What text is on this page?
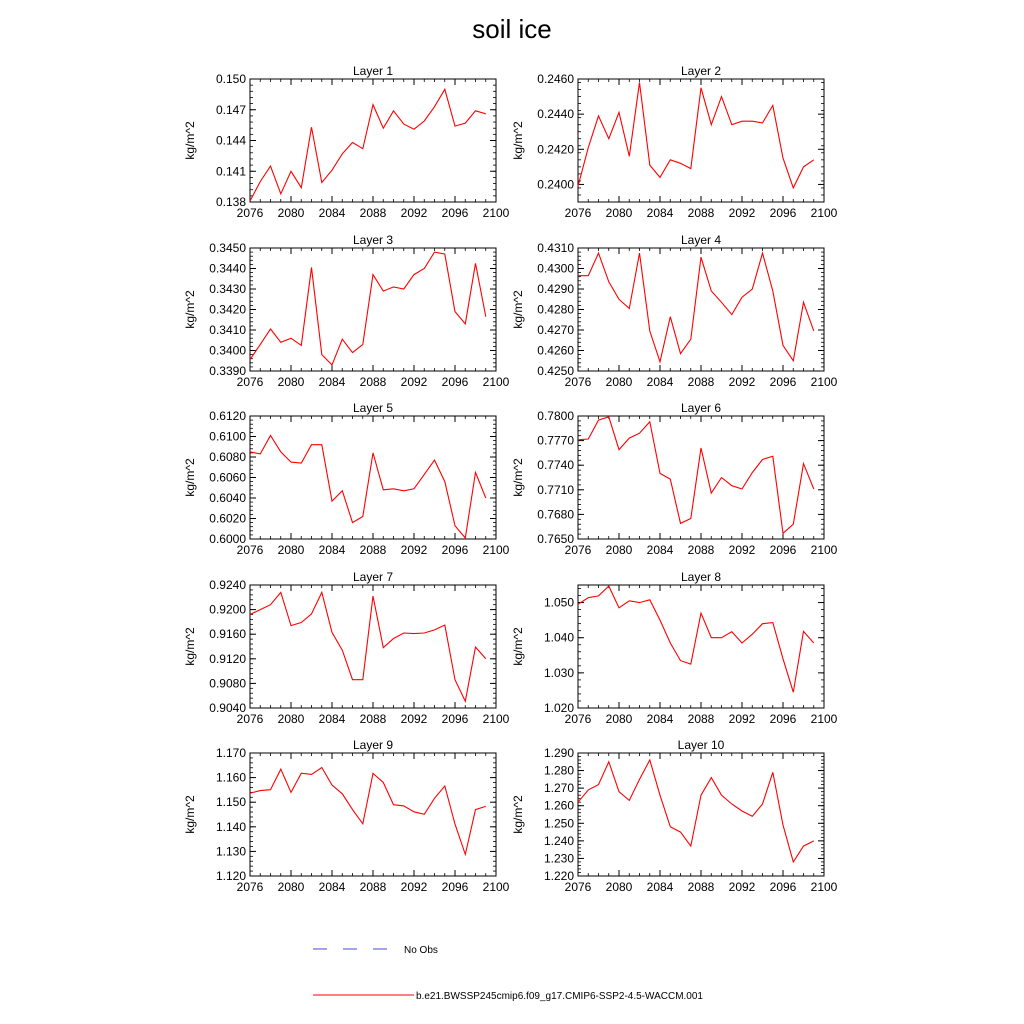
soil ice
Layer 1
kg/m^2
2076 2080 2084 2088 2092 2096 2100
0.138
0.141
0.144
0.147
0.150
Layer 2
kg/m^2
2076 2080 2084 2088 2092 2096 2100
0.2400
0.2420
0.2440
0.2460
Layer 3
kg/m^2
2076 2080 2084 2088 2092 2096 2100
0.3390
0.3400
0.3410
0.3420
0.3430
0.3440
0.3450
Layer 4
kg/m^2
2076 2080 2084 2088 2092 2096 2100
0.4250
0.4260
0.4270
0.4280
0.4290
0.4300
0.4310
Layer 5
kg/m^2
2076 2080 2084 2088 2092 2096 2100
0.6000
0.6020
0.6040
0.6060
0.6080
0.6100
0.6120
Layer 6
kg/m^2
2076 2080 2084 2088 2092 2096 2100
0.7650
0.7680
0.7710
0.7740
0.7770
0.7800
Layer 7
kg/m^2
2076 2080 2084 2088 2092 2096 2100
0.9040
0.9080
0.9120
0.9160
0.9200
0.9240
Layer 8
kg/m^2
2076 2080 2084 2088 2092 2096 2100
1.020
1.030
1.040
1.050
Layer 9
kg/m^2
2076 2080 2084 2088 2092 2096 2100
1.120
1.130
1.140
1.150
1.160
1.170
Layer 10
kg/m^2
2076 2080 2084 2088 2092 2096 2100
1.220
1.230
1.240
1.250
1.260
1.270
1.280
1.290
No Obs
b.e21.BWSSP245cmip6.f09_g17.CMIP6-SSP2-4.5-WACCM.001
